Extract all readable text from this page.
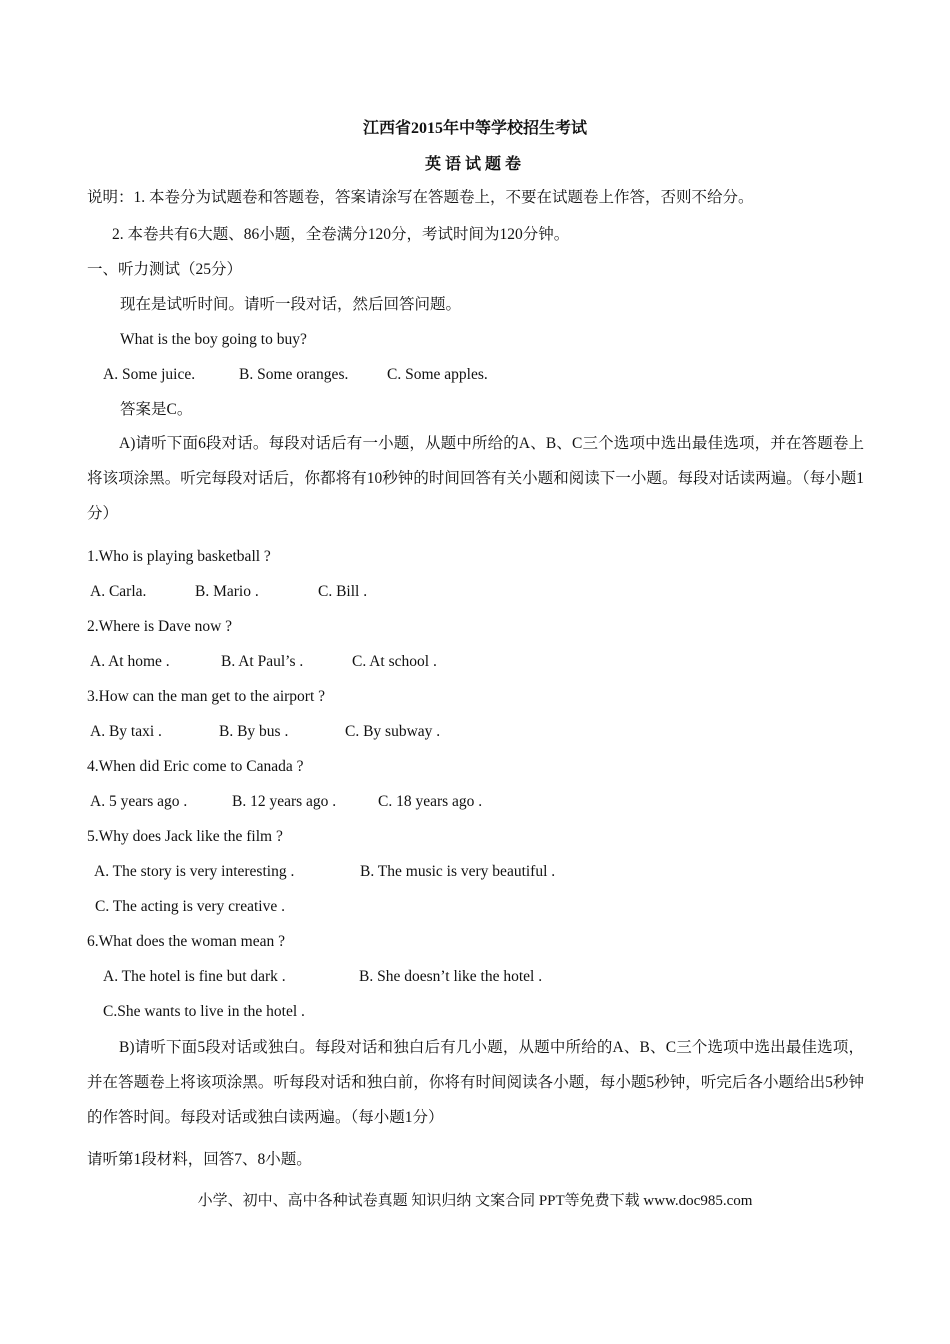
江西省2015年中等学校招生考试
英语试题卷
说明：1. 本卷分为试题卷和答题卷，答案请涂写在答题卷上，不要在试题卷上作答，否则不给分。
2. 本卷共有6大题、86小题，全卷满分120分，考试时间为120分钟。
一、听力测试（25分）
现在是试听时间。请听一段对话，然后回答问题。
What is the boy going to buy?
A. Some juice.	B. Some oranges. C. Some apples.
答案是C。
A)请听下面6段对话。每段对话后有一小题，从题中所给的A、B、C三个选项中选出最佳选项，并在答题卷上将该项涂黑。听完每段对话后，你都将有10秒钟的时间回答有关小题和阅读下一小题。每段对话读两遍。（每小题1分）
1.Who is playing basketball ?
A. Carla.	B. Mario .	C. Bill .
2.Where is Dave now ?
A. At home .	B. At Paul’s .	C. At school .
3.How can the man get to the airport ?
A. By taxi .	B. By bus .	C. By subway .
4.When did Eric come to Canada ?
A. 5 years ago .	B. 12 years ago .	C. 18 years ago .
5.Why does Jack like the film ?
A. The story is very interesting .	B. The music is very beautiful .
C. The acting is very creative .
6.What does the woman mean ?
A. The hotel is fine but dark .	B. She doesn’t like the hotel .
C.She wants to live in the hotel .
B)请听下面5段对话或独白。每段对话和独白后有几小题，从题中所给的A、B、C三个选项中选出最佳选项，并在答题卷上将该项涂黑。听每段对话和独白前，你将有时间阅读各小题，每小题5秒钟，听完后各小题给出5秒钟的作答时间。每段对话或独白读两遍。（每小题1分）
请听第1段材料，回答7、8小题。
小学、初中、高中各种试卷真题 知识归纳 文案合同 PPT等免费下载 www.doc985.com
